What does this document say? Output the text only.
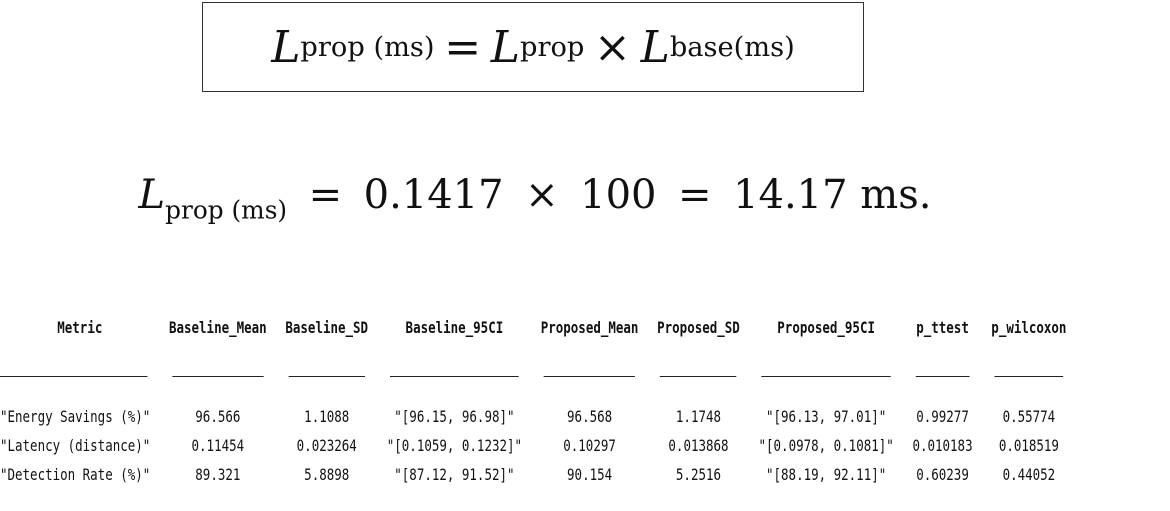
L prop (ms) = L prop × L base(ms)
$L_{prop (ms)} = 0.1417 \times 100 = 14.17$ ms.
Metric	Baseline_Mean	Baseline_SD	Baseline_95CI	Proposed_Mean	Proposed_SD	Proposed_95CI	p_ttest	p_wilcoxon

"Energy Savings (%)"	96.566	1.1088	"[96.15, 96.98]"	96.568	1.1748	"[96.13, 97.01]"	0.99277	0.55774
"Latency (distance)"	0.11454	0.023264	"[0.1059, 0.1232]"	0.10297	0.013868	"[0.0978, 0.1081]"	0.010183	0.018519
"Detection Rate (%)"	89.321	5.8898	"[87.12, 91.52]"	90.154	5.2516	"[88.19, 92.11]"	0.60239	0.44052
